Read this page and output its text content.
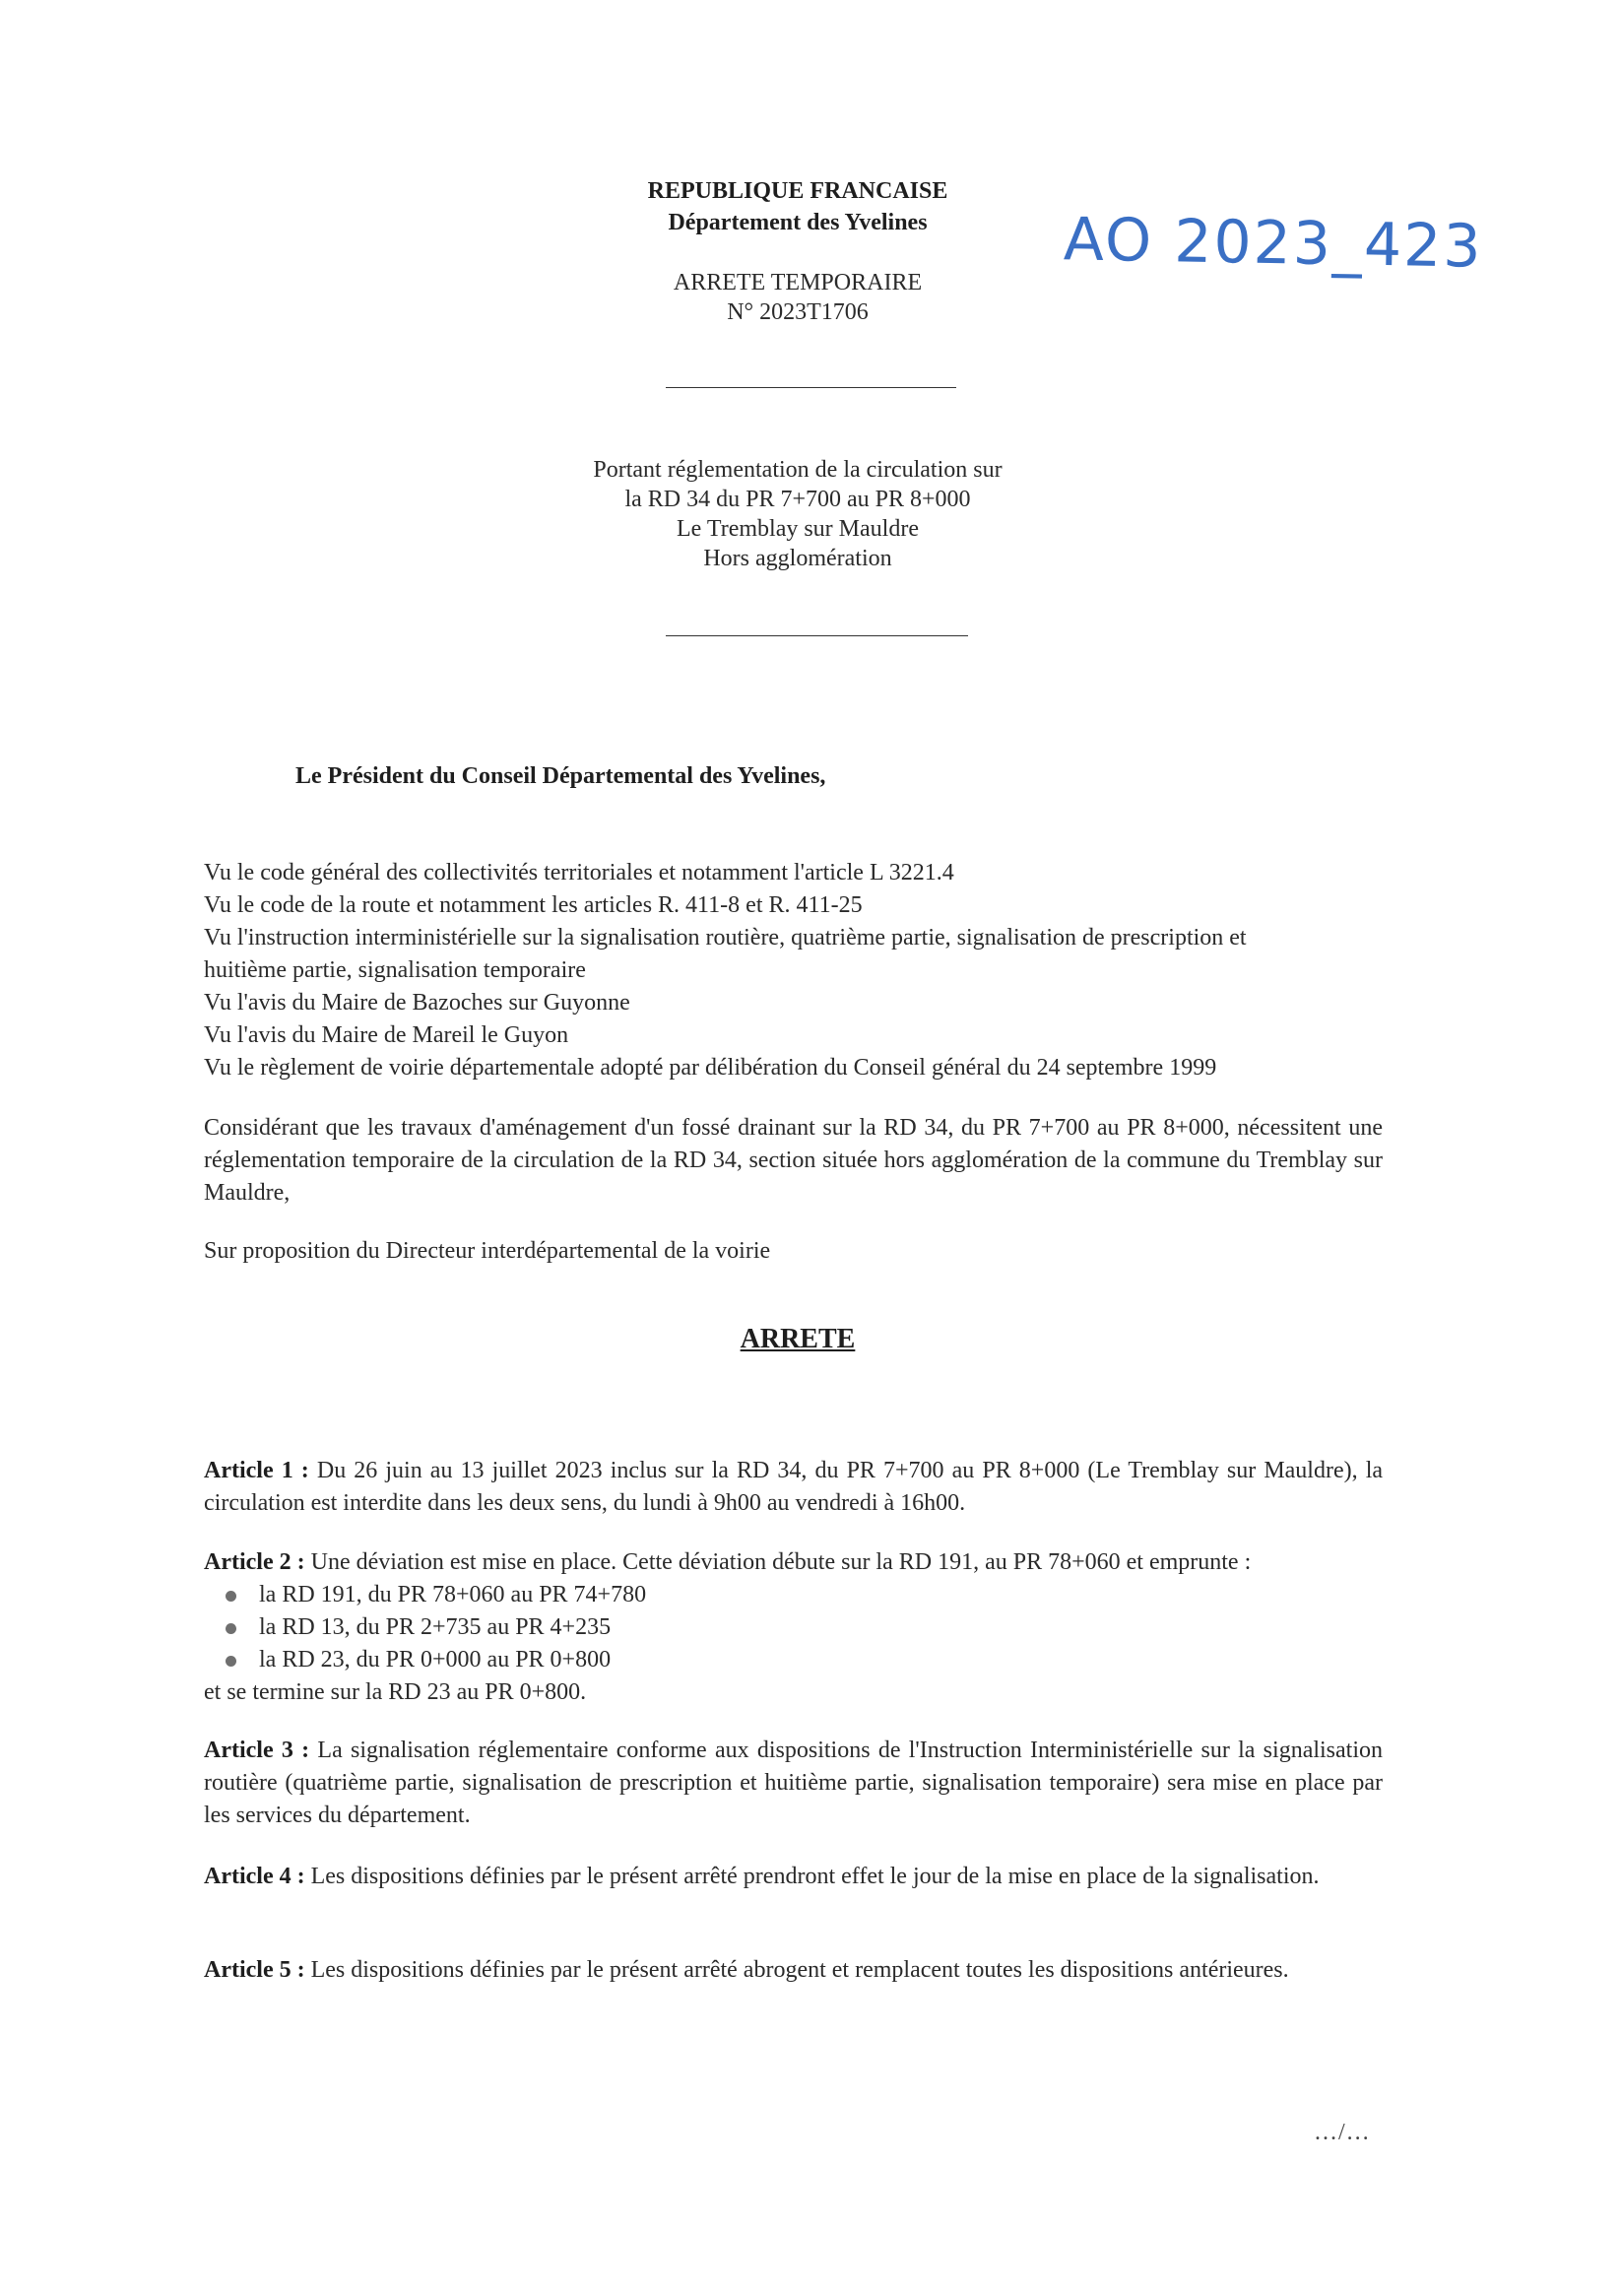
REPUBLIQUE FRANCAISE
Département des Yvelines
ARRETE TEMPORAIRE
N° 2023T1706
AO 2023_423
Portant réglementation de la circulation sur
la RD 34 du PR 7+700 au PR 8+000
Le Tremblay sur Mauldre
Hors agglomération
Le Président du Conseil Départemental des Yvelines,
Vu le code général des collectivités territoriales et notamment l'article L 3221.4
Vu le code de la route et notamment les articles R. 411-8 et R. 411-25
Vu l'instruction interministérielle sur la signalisation routière, quatrième partie, signalisation de prescription et
huitième partie, signalisation temporaire
Vu l'avis du Maire de Bazoches sur Guyonne
Vu l'avis du Maire de Mareil le Guyon
Vu le règlement de voirie départementale adopté par délibération du Conseil général du 24 septembre 1999
Considérant que les travaux d'aménagement d'un fossé drainant sur la RD 34, du PR 7+700 au PR 8+000, nécessitent une réglementation temporaire de la circulation de la RD 34, section située hors agglomération de la commune du Tremblay sur Mauldre,
Sur proposition du Directeur interdépartemental de la voirie
ARRETE
Article 1 : Du 26 juin au 13 juillet 2023 inclus sur la RD 34, du PR 7+700 au PR 8+000 (Le Tremblay sur Mauldre), la circulation est interdite dans les deux sens, du lundi à 9h00 au vendredi à 16h00.
Article 2 : Une déviation est mise en place. Cette déviation débute sur la RD 191, au PR 78+060 et emprunte :
la RD 191, du PR 78+060 au PR 74+780
la RD 13, du PR 2+735 au PR 4+235
la RD 23, du PR 0+000 au PR 0+800
et se termine sur la RD 23 au PR 0+800.
Article 3 : La signalisation réglementaire conforme aux dispositions de l'Instruction Interministérielle sur la signalisation routière (quatrième partie, signalisation de prescription et huitième partie, signalisation temporaire) sera mise en place par les services du département.
Article 4 : Les dispositions définies par le présent arrêté prendront effet le jour de la mise en place de la signalisation.
Article 5 : Les dispositions définies par le présent arrêté abrogent et remplacent toutes les dispositions antérieures.
…/…
